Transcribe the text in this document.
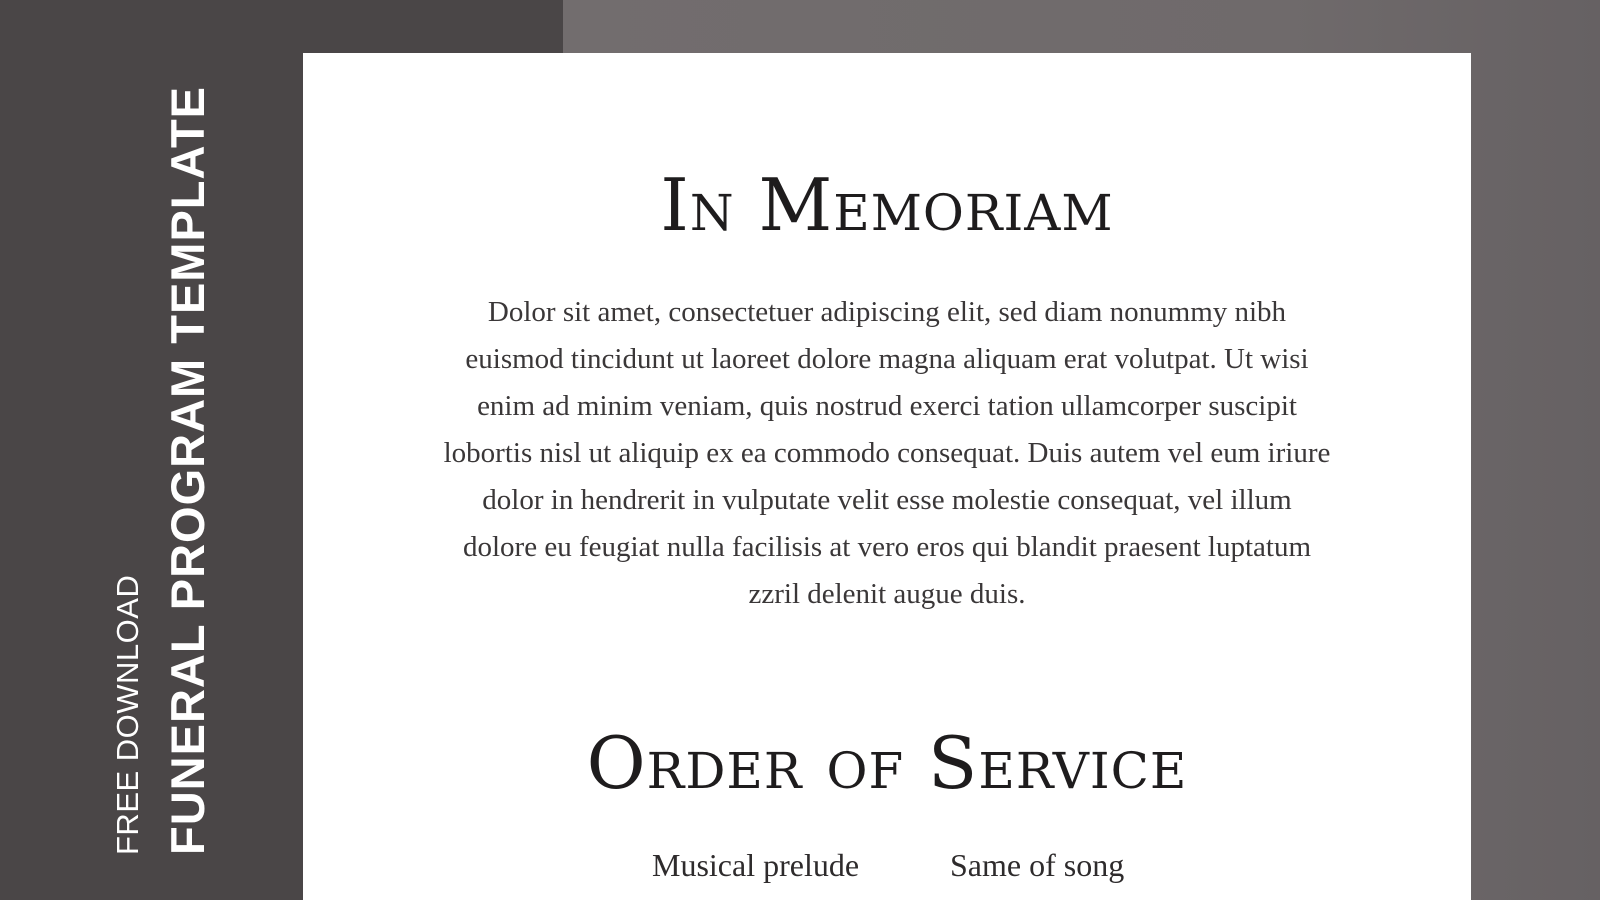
FREE DOWNLOAD FUNERAL PROGRAM TEMPLATE	In Memoriam
Dolor sit amet, consectetuer adipiscing elit, sed diam nonummy nibh euismod tincidunt ut laoreet dolore magna aliquam erat volutpat. Ut wisi enim ad minim veniam, quis nostrud exerci tation ullamcorper suscipit lobortis nisl ut aliquip ex ea commodo consequat. Duis autem vel eum iriure dolor in hendrerit in vulputate velit esse molestie consequat, vel illum dolore eu feugiat nulla facilisis at vero eros qui blandit praesent luptatum zzril delenit augue duis.
Order of Service
Musical prelude	Same of song
